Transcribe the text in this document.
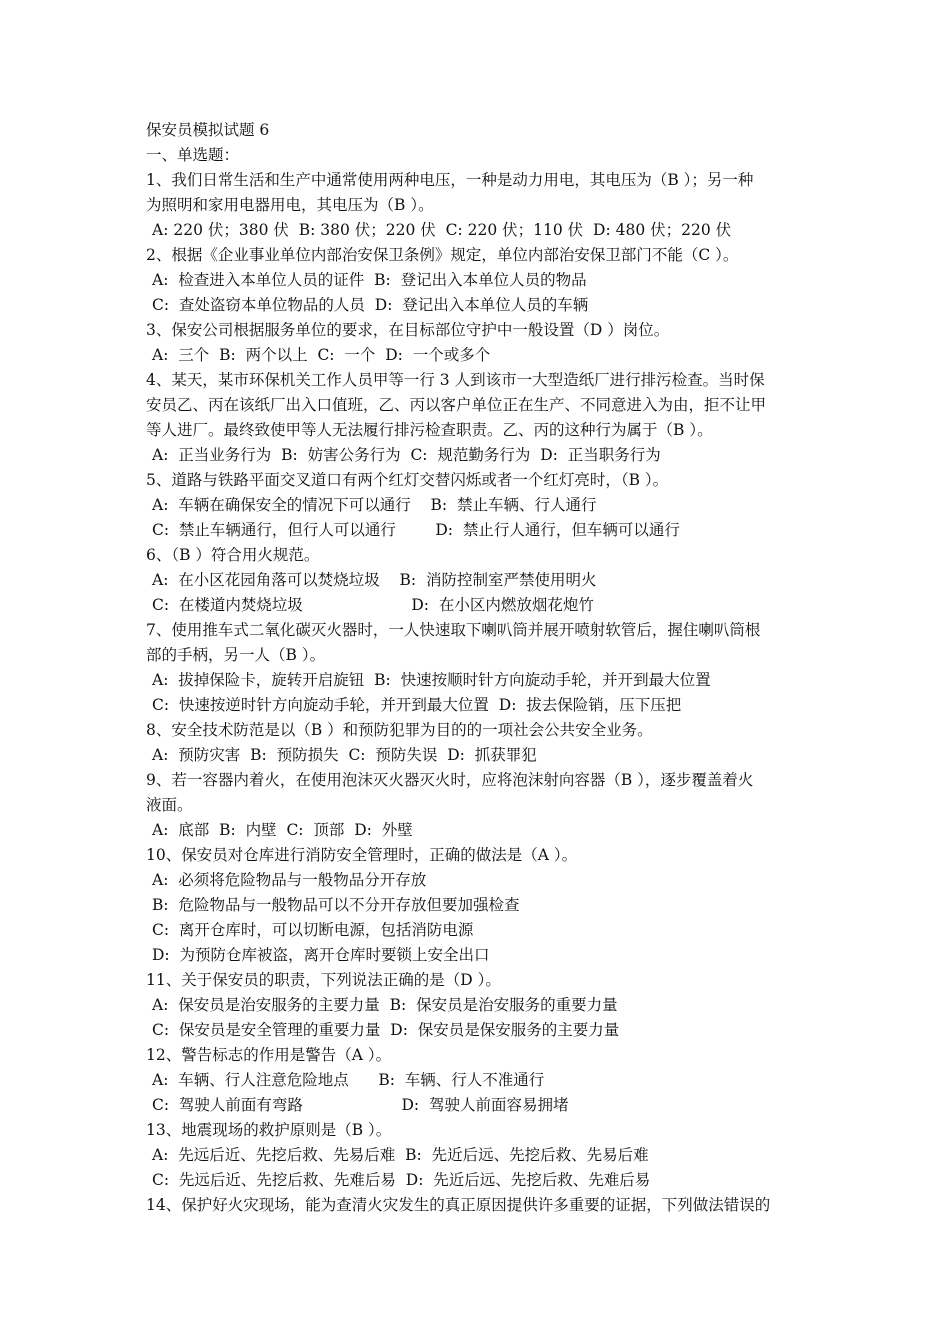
保安员模拟试题 6
一、单选题：
1、我们日常生活和生产中通常使用两种电压，一种是动力用电，其电压为（B ）；另一种
为照明和家用电器用电，其电压为（B ）。
A: 220 伏；380 伏  B: 380 伏；220 伏  C: 220 伏；110 伏  D: 480 伏；220 伏
2、根据《企业事业单位内部治安保卫条例》规定，单位内部治安保卫部门不能（C ）。
A:  检查进入本单位人员的证件  B:  登记出入本单位人员的物品
C:  查处盗窃本单位物品的人员  D:  登记出入本单位人员的车辆
3、保安公司根据服务单位的要求，在目标部位守护中一般设置（D ）岗位。
A:  三个  B:  两个以上  C:  一个  D:  一个或多个
4、某天，某市环保机关工作人员甲等一行 3 人到该市一大型造纸厂进行排污检查。当时保
安员乙、丙在该纸厂出入口值班，乙、丙以客户单位正在生产、不同意进入为由，拒不让甲
等人进厂。最终致使甲等人无法履行排污检查职责。乙、丙的这种行为属于（B ）。
A:  正当业务行为  B:  妨害公务行为  C:  规范勤务行为  D:  正当职务行为
5、道路与铁路平面交叉道口有两个红灯交替闪烁或者一个红灯亮时，（B ）。
A:  车辆在确保安全的情况下可以通行    B:  禁止车辆、行人通行
C:  禁止车辆通行，但行人可以通行        D:  禁止行人通行，但车辆可以通行
6、（B ）符合用火规范。
A:  在小区花园角落可以焚烧垃圾    B:  消防控制室严禁使用明火
C:  在楼道内焚烧垃圾                      D:  在小区内燃放烟花炮竹
7、使用推车式二氧化碳灭火器时，一人快速取下喇叭筒并展开喷射软管后，握住喇叭筒根
部的手柄，另一人（B ）。
A:  拔掉保险卡，旋转开启旋钮  B:  快速按顺时针方向旋动手轮，并开到最大位置
C:  快速按逆时针方向旋动手轮，并开到最大位置  D:  拔去保险销，压下压把
8、安全技术防范是以（B ）和预防犯罪为目的的一项社会公共安全业务。
A:  预防灾害  B:  预防损失  C:  预防失误  D:  抓获罪犯
9、若一容器内着火，在使用泡沫灭火器灭火时，应将泡沫射向容器（B ），逐步覆盖着火
液面。
A:  底部  B:  内壁  C:  顶部  D:  外壁
10、保安员对仓库进行消防安全管理时，正确的做法是（A ）。
A:  必须将危险物品与一般物品分开存放
B:  危险物品与一般物品可以不分开存放但要加强检查
C:  离开仓库时，可以切断电源，包括消防电源
D:  为预防仓库被盗，离开仓库时要锁上安全出口
11、关于保安员的职责，下列说法正确的是（D ）。
A:  保安员是治安服务的主要力量  B:  保安员是治安服务的重要力量
C:  保安员是安全管理的重要力量  D:  保安员是保安服务的主要力量
12、警告标志的作用是警告（A ）。
A:  车辆、行人注意危险地点      B:  车辆、行人不准通行
C:  驾驶人前面有弯路                    D:  驾驶人前面容易拥堵
13、地震现场的救护原则是（B ）。
A:  先远后近、先挖后救、先易后难  B:  先近后远、先挖后救、先易后难
C:  先远后近、先挖后救、先难后易  D:  先近后远、先挖后救、先难后易
14、保护好火灾现场，能为查清火灾发生的真正原因提供许多重要的证据，下列做法错误的
